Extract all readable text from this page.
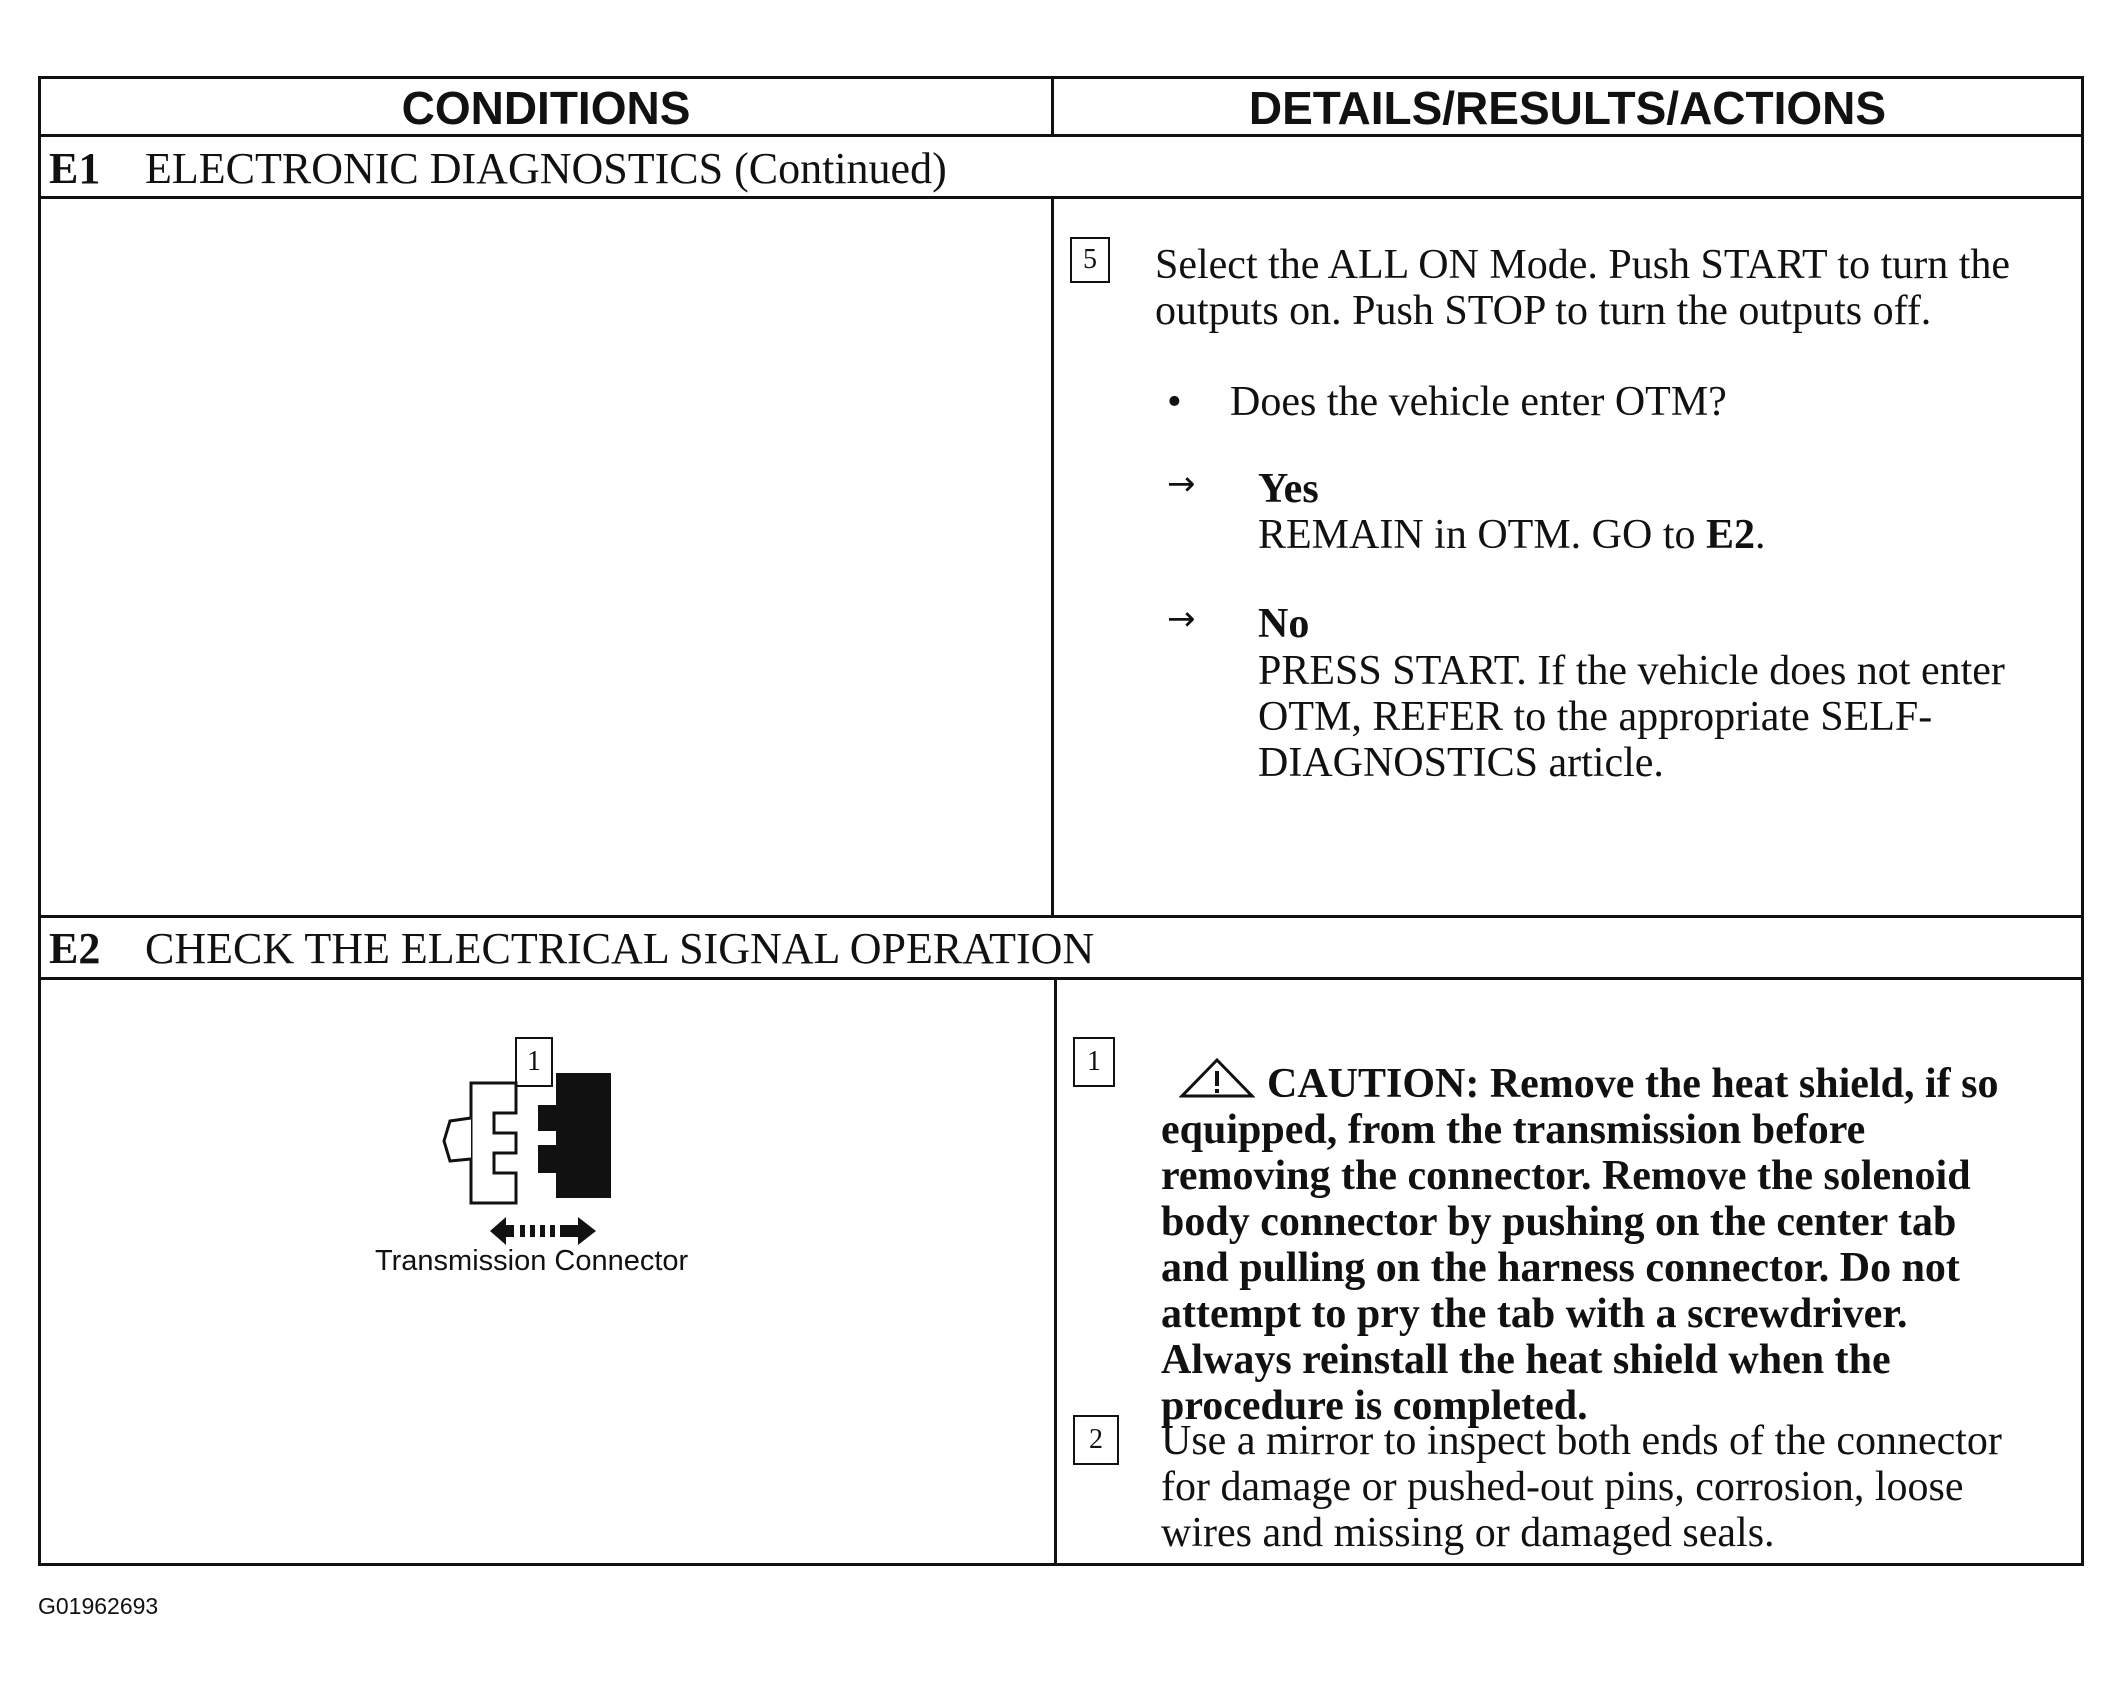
CONDITIONS	DETAILS/RESULTS/ACTIONS
E1 ELECTRONIC DIAGNOSTICS (Continued)
5	Select the ALL ON Mode. Push START to turn the
outputs on. Push STOP to turn the outputs off.
• Does the vehicle enter OTM?
→ Yes
REMAIN in OTM. GO to E2.
→ No
PRESS START. If the vehicle does not enter
OTM, REFER to the appropriate SELF-
DIAGNOSTICS article.
E2 CHECK THE ELECTRICAL SIGNAL OPERATION
1
Transmission Connector
1	CAUTION: Remove the heat shield, if so
equipped, from the transmission before
removing the connector. Remove the solenoid
body connector by pushing on the center tab
and pulling on the harness connector. Do not
attempt to pry the tab with a screwdriver.
Always reinstall the heat shield when the
procedure is completed.
2	Use a mirror to inspect both ends of the connector
for damage or pushed-out pins, corrosion, loose
wires and missing or damaged seals.
G01962693
